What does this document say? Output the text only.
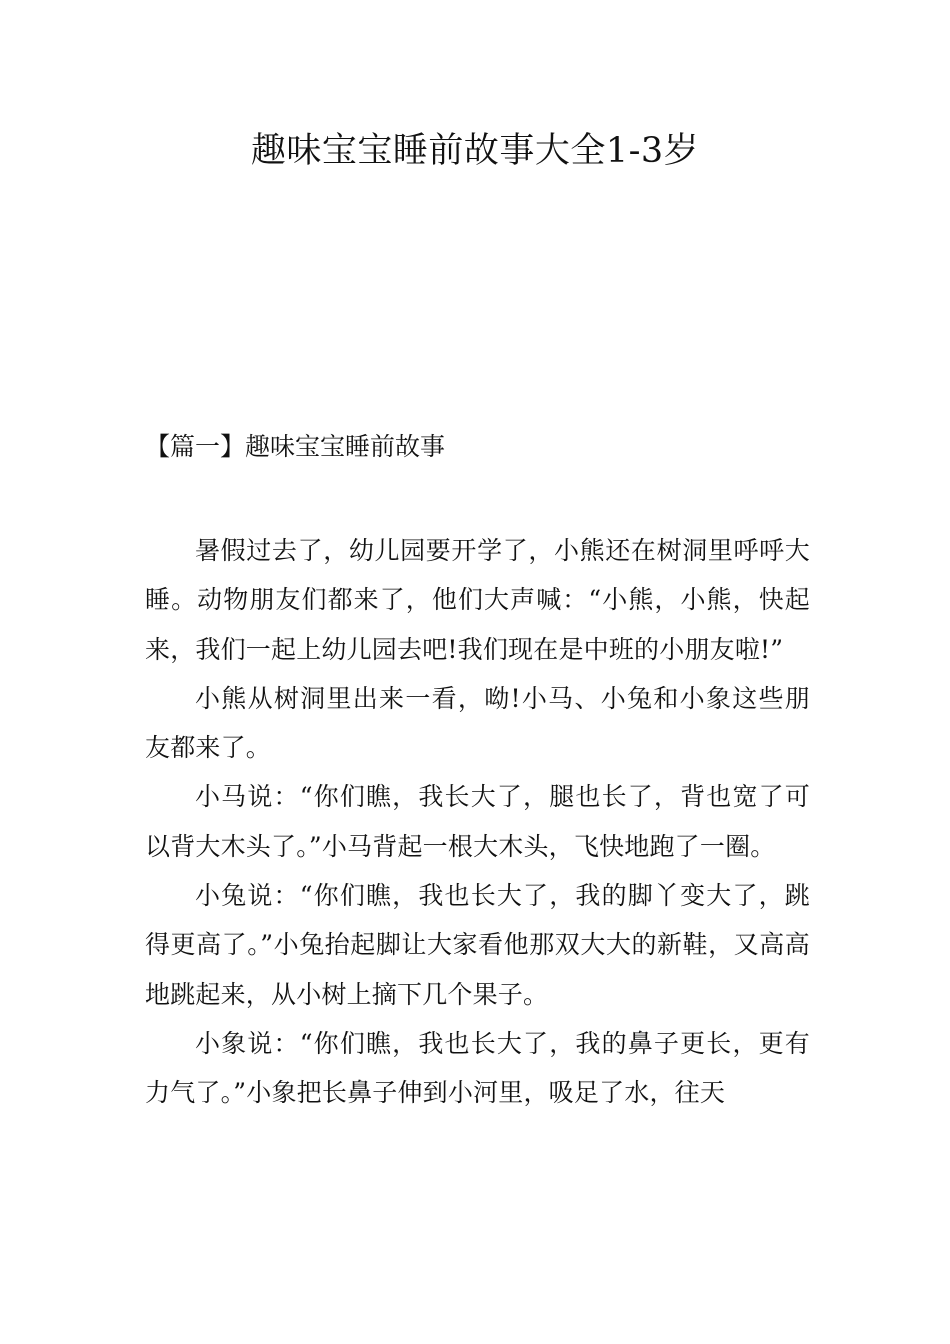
趣味宝宝睡前故事大全1-3岁
【篇一】趣味宝宝睡前故事

暑假过去了，幼儿园要开学了，小熊还在树洞里呼呼大睡。动物朋友们都来了，他们大声喊：“小熊，小熊，快起来，我们一起上幼儿园去吧!我们现在是中班的小朋友啦!”

小熊从树洞里出来一看，呦!小马、小兔和小象这些朋友都来了。

小马说：“你们瞧，我长大了，腿也长了，背也宽了可以背大木头了。”小马背起一根大木头，飞快地跑了一圈。

小兔说：“你们瞧，我也长大了，我的脚丫变大了，跳得更高了。”小兔抬起脚让大家看他那双大大的新鞋，又高高地跳起来，从小树上摘下几个果子。

小象说：“你们瞧，我也长大了，我的鼻子更长，更有力气了。”小象把长鼻子伸到小河里，吸足了水，往天
